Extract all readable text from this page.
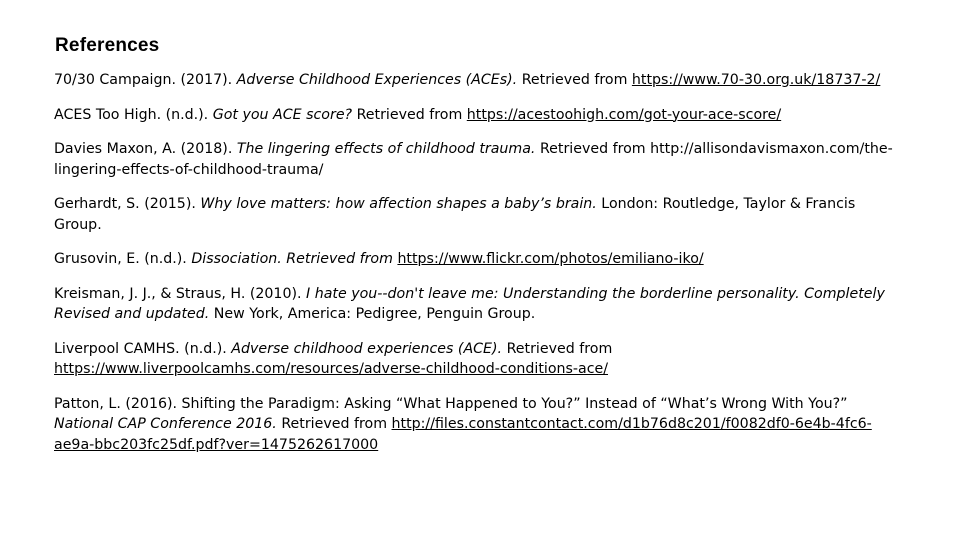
References

70/30 Campaign. (2017). Adverse Childhood Experiences (ACEs). Retrieved from https://www.70-30.org.uk/18737-2/

ACES Too High. (n.d.). Got you ACE score? Retrieved from https://acestoohigh.com/got-your-ace-score/

Davies Maxon, A. (2018). The lingering effects of childhood trauma. Retrieved from http://allisondavismaxon.com/the-lingering-effects-of-childhood-trauma/

Gerhardt, S. (2015). Why love matters: how affection shapes a baby’s brain. London: Routledge, Taylor & Francis Group.

Grusovin, E. (n.d.). Dissociation. Retrieved from https://www.flickr.com/photos/emiliano-iko/

Kreisman, J. J., & Straus, H. (2010). I hate you--don't leave me: Understanding the borderline personality. Completely Revised and updated. New York, America: Pedigree, Penguin Group.

Liverpool CAMHS. (n.d.). Adverse childhood experiences (ACE). Retrieved from https://www.liverpoolcamhs.com/resources/adverse-childhood-conditions-ace/

Patton, L. (2016). Shifting the Paradigm: Asking “What Happened to You?” Instead of “What’s Wrong With You?” National CAP Conference 2016. Retrieved from http://files.constantcontact.com/d1b76d8c201/f0082df0-6e4b-4fc6-ae9a-bbc203fc25df.pdf?ver=1475262617000
